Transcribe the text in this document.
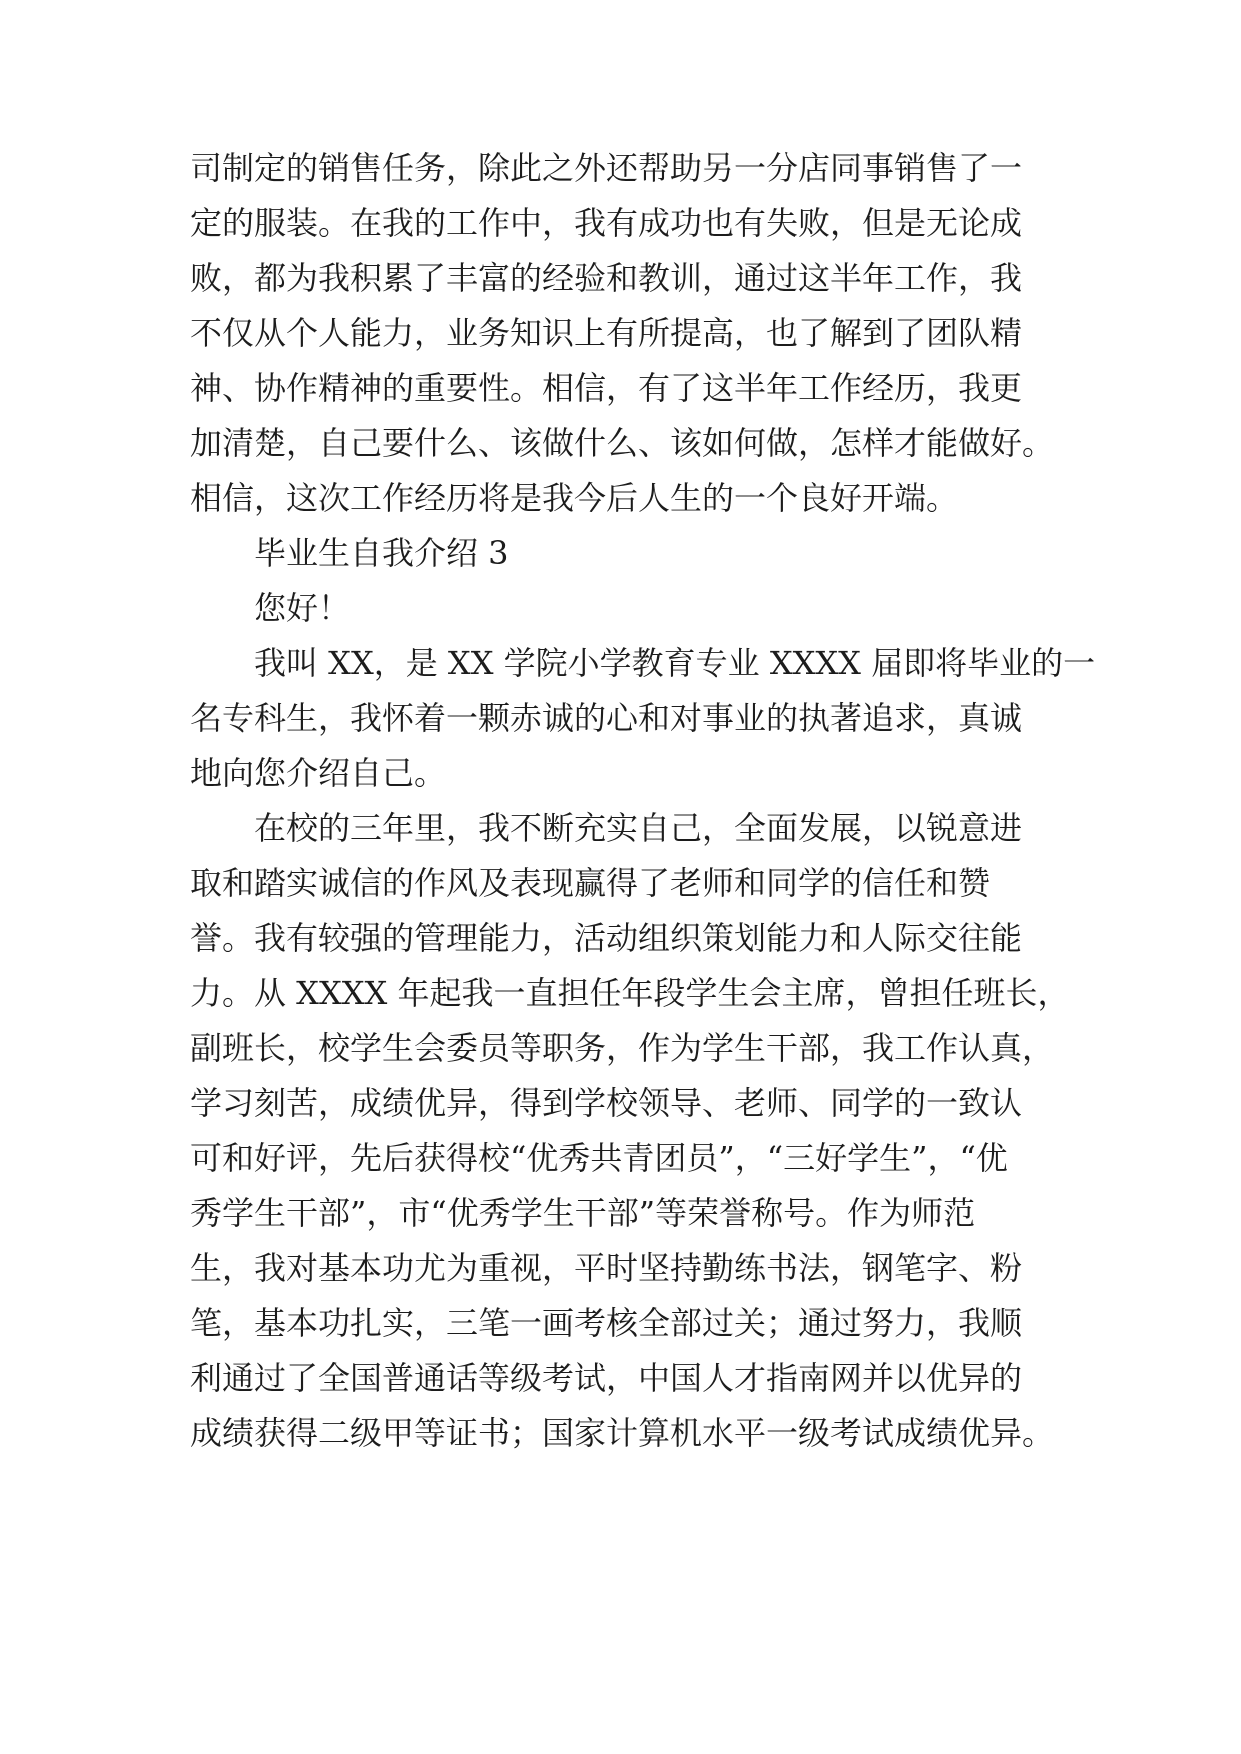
司制定的销售任务，除此之外还帮助另一分店同事销售了一
定的服装。在我的工作中，我有成功也有失败，但是无论成
败，都为我积累了丰富的经验和教训，通过这半年工作，我
不仅从个人能力，业务知识上有所提高，也了解到了团队精
神、协作精神的重要性。相信，有了这半年工作经历，我更
加清楚，自己要什么、该做什么、该如何做，怎样才能做好。
相信，这次工作经历将是我今后人生的一个良好开端。
毕业生自我介绍 3
您好！
我叫 XX，是 XX 学院小学教育专业 XXXX 届即将毕业的一
名专科生，我怀着一颗赤诚的心和对事业的执著追求，真诚
地向您介绍自己。
在校的三年里，我不断充实自己，全面发展，以锐意进
取和踏实诚信的作风及表现赢得了老师和同学的信任和赞
誉。我有较强的管理能力，活动组织策划能力和人际交往能
力。从 XXXX 年起我一直担任年段学生会主席，曾担任班长，
副班长，校学生会委员等职务，作为学生干部，我工作认真，
学习刻苦，成绩优异，得到学校领导、老师、同学的一致认
可和好评，先后获得校“优秀共青团员”，“三好学生”，“优
秀学生干部”，市“优秀学生干部”等荣誉称号。作为师范
生，我对基本功尤为重视，平时坚持勤练书法，钢笔字、粉
笔，基本功扎实，三笔一画考核全部过关；通过努力，我顺
利通过了全国普通话等级考试，中国人才指南网并以优异的
成绩获得二级甲等证书；国家计算机水平一级考试成绩优异。
